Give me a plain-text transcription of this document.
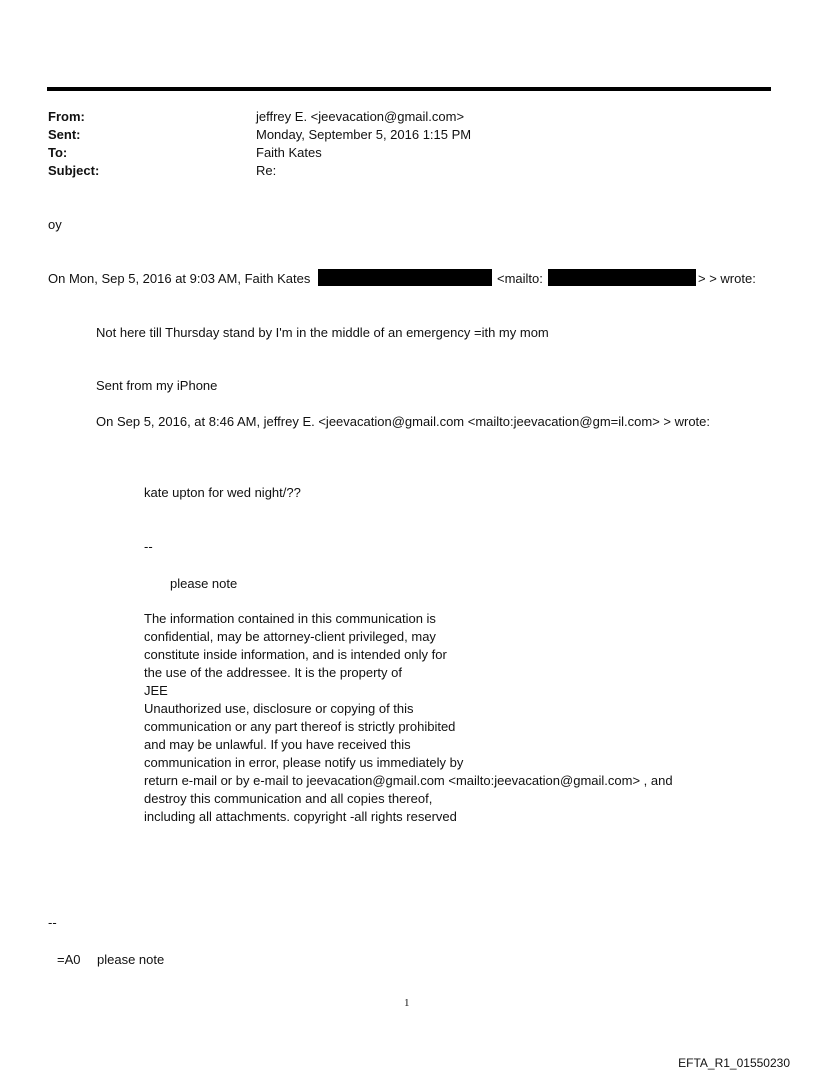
From:	jeffrey E. <jeevacation@gmail.com>
Sent:	Monday, September 5, 2016 1:15 PM
To:	Faith Kates
Subject:	Re:
oy
On Mon, Sep 5, 2016 at 9:03 AM, Faith Kates	<mailto:	> > wrote:
Not here till Thursday stand by I'm in the middle of an emergency =ith my mom
Sent from my iPhone
On Sep 5, 2016, at 8:46 AM, jeffrey E. <jeevacation@gmail.com <mailto:jeevacation@gm=il.com> > wrote:
kate upton for wed night/??
--
please note
The information contained in this communication is
confidential, may be attorney-client privileged, may
constitute inside information, and is intended only for
the use of the addressee. It is the property of
JEE
Unauthorized use, disclosure or copying of this
communication or any part thereof is strictly prohibited
and may be unlawful. If you have received this
communication in error, please notify us immediately by
return e-mail or by e-mail to jeevacation@gmail.com <mailto:jeevacation@gmail.com> , and
destroy this communication and all copies thereof,
including all attachments. copyright -all rights reserved
--
=A0 please note
1
EFTA_R1_01550230
